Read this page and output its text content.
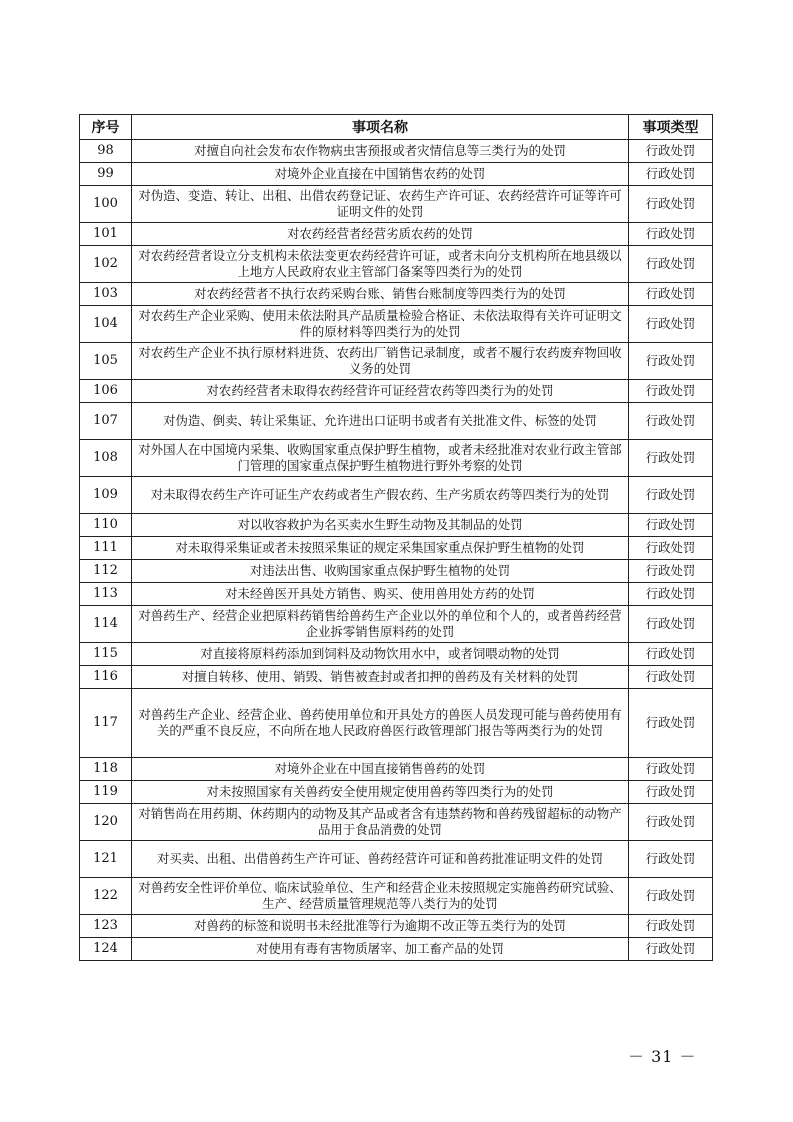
序号	事项名称	事项类型
98	对擅自向社会发布农作物病虫害预报或者灾情信息等三类行为的处罚	行政处罚
99	对境外企业直接在中国销售农药的处罚	行政处罚
100	对伪造、变造、转让、出租、出借农药登记证、农药生产许可证、农药经营许可证等许可证明文件的处罚	行政处罚
101	对农药经营者经营劣质农药的处罚	行政处罚
102	对农药经营者设立分支机构未依法变更农药经营许可证，或者未向分支机构所在地县级以上地方人民政府农业主管部门备案等四类行为的处罚	行政处罚
103	对农药经营者不执行农药采购台账、销售台账制度等四类行为的处罚	行政处罚
104	对农药生产企业采购、使用未依法附具产品质量检验合格证、未依法取得有关许可证明文件的原材料等四类行为的处罚	行政处罚
105	对农药生产企业不执行原材料进货、农药出厂销售记录制度，或者不履行农药废弃物回收义务的处罚	行政处罚
106	对农药经营者未取得农药经营许可证经营农药等四类行为的处罚	行政处罚
107	对伪造、倒卖、转让采集证、允许进出口证明书或者有关批准文件、标签的处罚	行政处罚
108	对外国人在中国境内采集、收购国家重点保护野生植物，或者未经批准对农业行政主管部门管理的国家重点保护野生植物进行野外考察的处罚	行政处罚
109	对未取得农药生产许可证生产农药或者生产假农药、生产劣质农药等四类行为的处罚	行政处罚
110	对以收容救护为名买卖水生野生动物及其制品的处罚	行政处罚
111	对未取得采集证或者未按照采集证的规定采集国家重点保护野生植物的处罚	行政处罚
112	对违法出售、收购国家重点保护野生植物的处罚	行政处罚
113	对未经兽医开具处方销售、购买、使用兽用处方药的处罚	行政处罚
114	对兽药生产、经营企业把原料药销售给兽药生产企业以外的单位和个人的，或者兽药经营企业拆零销售原料药的处罚	行政处罚
115	对直接将原料药添加到饲料及动物饮用水中，或者饲喂动物的处罚	行政处罚
116	对擅自转移、使用、销毁、销售被查封或者扣押的兽药及有关材料的处罚	行政处罚
117	对兽药生产企业、经营企业、兽药使用单位和开具处方的兽医人员发现可能与兽药使用有关的严重不良反应，不向所在地人民政府兽医行政管理部门报告等两类行为的处罚	行政处罚
118	对境外企业在中国直接销售兽药的处罚	行政处罚
119	对未按照国家有关兽药安全使用规定使用兽药等四类行为的处罚	行政处罚
120	对销售尚在用药期、休药期内的动物及其产品或者含有违禁药物和兽药残留超标的动物产品用于食品消费的处罚	行政处罚
121	对买卖、出租、出借兽药生产许可证、兽药经营许可证和兽药批准证明文件的处罚	行政处罚
122	对兽药安全性评价单位、临床试验单位、生产和经营企业未按照规定实施兽药研究试验、生产、经营质量管理规范等八类行为的处罚	行政处罚
123	对兽药的标签和说明书未经批准等行为逾期不改正等五类行为的处罚	行政处罚
124	对使用有毒有害物质屠宰、加工畜产品的处罚	行政处罚
－ 31 －
